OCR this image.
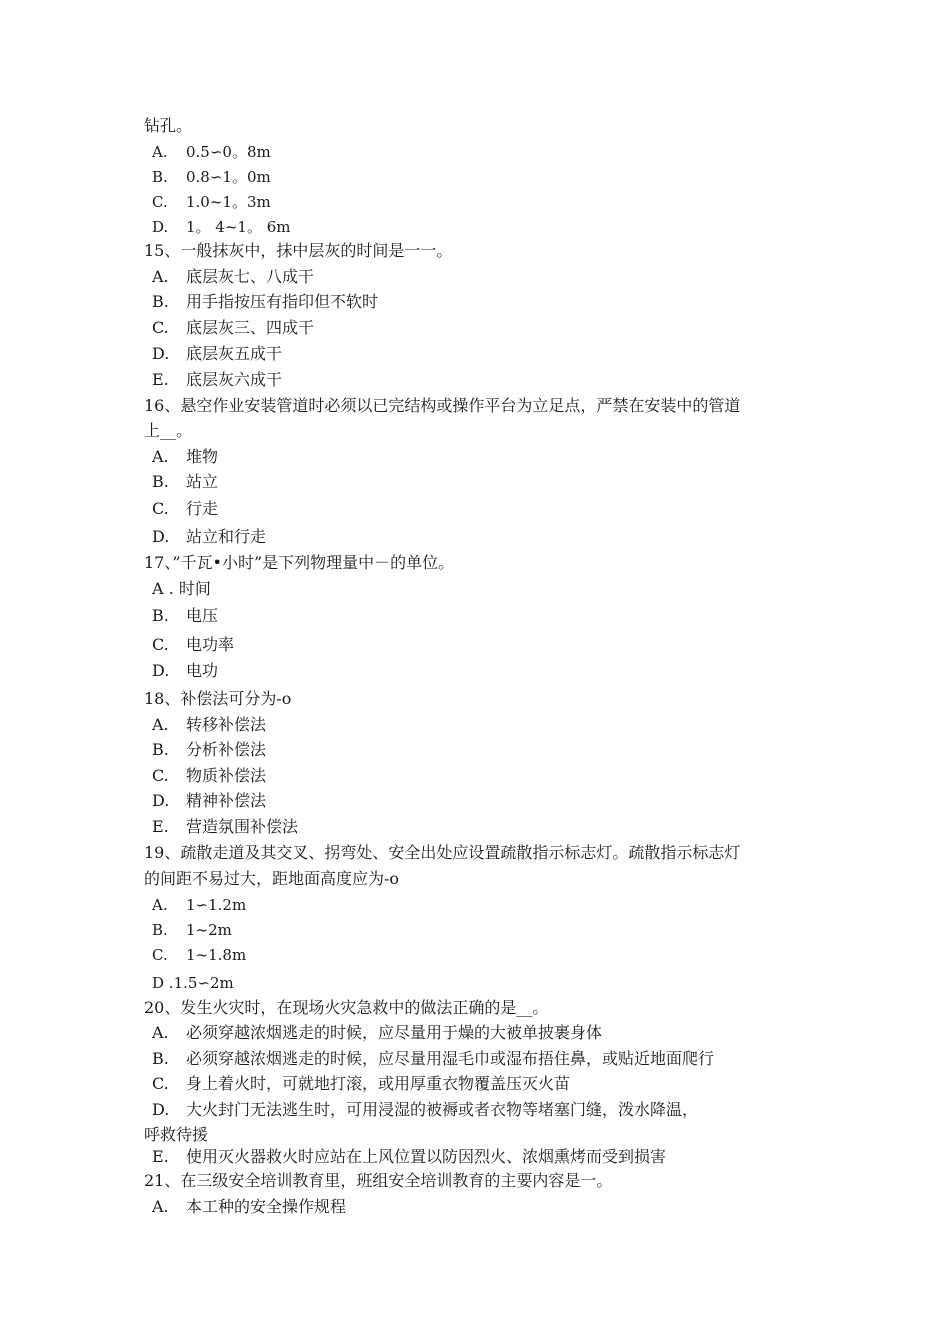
钻孔。
A. 0.5∽0。8m
B. 0.8∽1。0m
C. 1.0~1。3m
D. 1。 4~1。 6m
15、一般抹灰中，抹中层灰的时间是一一。
A. 底层灰七、八成干
B. 用手指按压有指印但不软时
C. 底层灰三、四成干
D. 底层灰五成干
E. 底层灰六成干
16、悬空作业安装管道时必须以已完结构或操作平台为立足点，严禁在安装中的管道
上__。
A. 堆物
B. 站立
C. 行走
D. 站立和行走
17、”千瓦•小时”是下列物理量中－的单位。
A . 时间
B. 电压
C. 电功率
D. 电功
18、补偿法可分为-o
A. 转移补偿法
B. 分析补偿法
C. 物质补偿法
D. 精神补偿法
E. 营造氛围补偿法
19、疏散走道及其交叉、拐弯处、安全出处应设置疏散指示标志灯。疏散指示标志灯
的间距不易过大，距地面高度应为-o
A. 1∽1.2m
B. 1~2m
C. 1~1.8m
D .1.5∽2m
20、发生火灾时，在现场火灾急救中的做法正确的是__。
A. 必须穿越浓烟逃走的时候，应尽量用于燥的大被单披裹身体
B. 必须穿越浓烟逃走的时候，应尽量用湿毛巾或湿布捂住鼻，或贴近地面爬行
C. 身上着火时，可就地打滚，或用厚重衣物覆盖压灭火苗
D. 大火封门无法逃生时，可用浸湿的被褥或者衣物等堵塞门缝，泼水降温，
呼救待援
E. 使用灭火器救火时应站在上风位置以防因烈火、浓烟熏烤而受到损害
21、在三级安全培训教育里，班组安全培训教育的主要内容是一。
A. 本工种的安全操作规程
